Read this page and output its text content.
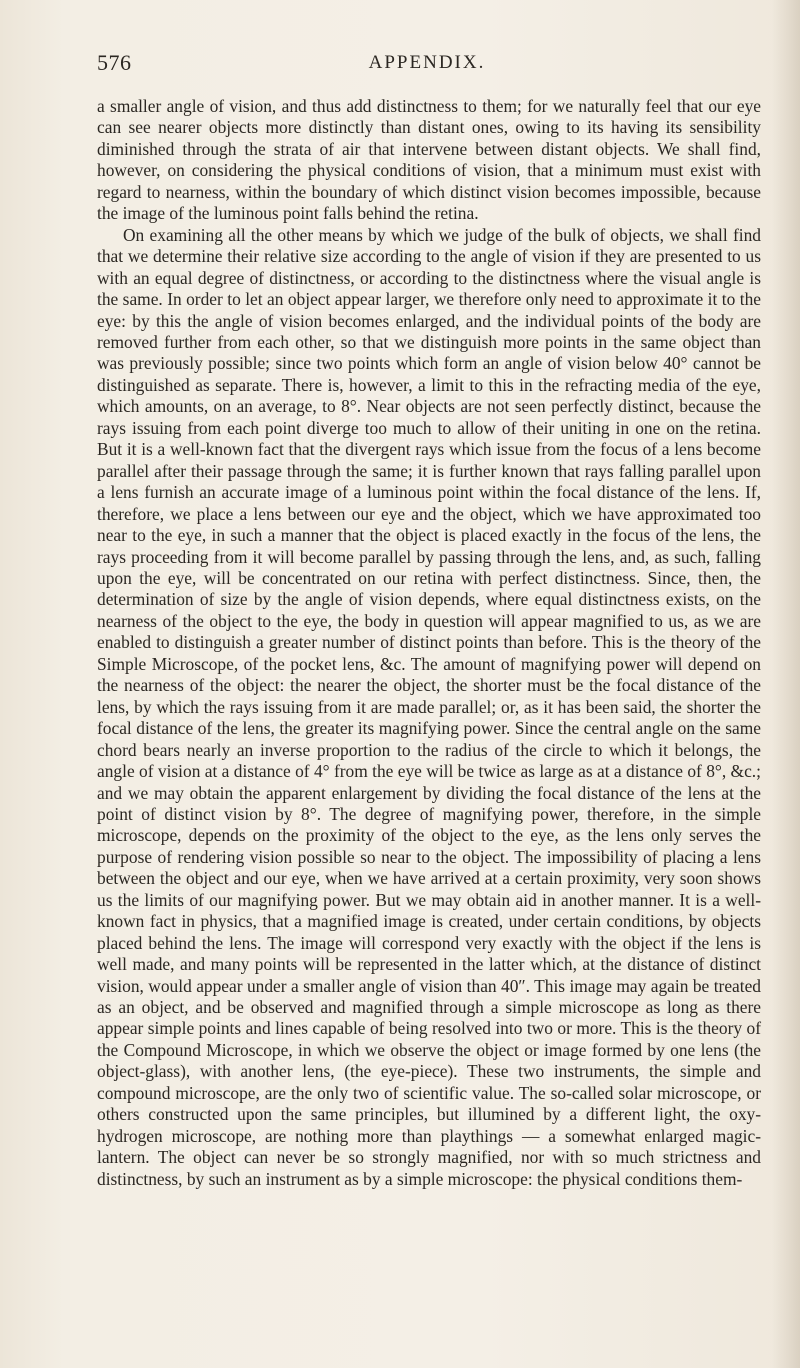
576	APPENDIX.

a smaller angle of vision, and thus add distinctness to them; for we naturally feel that our eye can see nearer objects more distinctly than distant ones, owing to its having its sensibility diminished through the strata of air that intervene between distant objects. We shall find, however, on considering the physical conditions of vision, that a minimum must exist with regard to nearness, within the boundary of which distinct vision becomes impossible, because the image of the luminous point falls behind the retina.

On examining all the other means by which we judge of the bulk of objects, we shall find that we determine their relative size according to the angle of vision if they are presented to us with an equal degree of distinctness, or according to the distinctness where the visual angle is the same. In order to let an object appear larger, we therefore only need to approximate it to the eye: by this the angle of vision becomes enlarged, and the individual points of the body are removed further from each other, so that we distinguish more points in the same object than was previously possible; since two points which form an angle of vision below 40° cannot be distinguished as separate. There is, however, a limit to this in the refracting media of the eye, which amounts, on an average, to 8°. Near objects are not seen perfectly distinct, because the rays issuing from each point diverge too much to allow of their uniting in one on the retina. But it is a well-known fact that the divergent rays which issue from the focus of a lens become parallel after their passage through the same; it is further known that rays falling parallel upon a lens furnish an accurate image of a luminous point within the focal distance of the lens. If, therefore, we place a lens between our eye and the object, which we have approximated too near to the eye, in such a manner that the object is placed exactly in the focus of the lens, the rays proceeding from it will become parallel by passing through the lens, and, as such, falling upon the eye, will be concentrated on our retina with perfect distinctness. Since, then, the determination of size by the angle of vision depends, where equal distinctness exists, on the nearness of the object to the eye, the body in question will appear magnified to us, as we are enabled to distinguish a greater number of distinct points than before. This is the theory of the Simple Microscope, of the pocket lens, &c. The amount of magnifying power will depend on the nearness of the object: the nearer the object, the shorter must be the focal distance of the lens, by which the rays issuing from it are made parallel; or, as it has been said, the shorter the focal distance of the lens, the greater its magnifying power. Since the central angle on the same chord bears nearly an inverse proportion to the radius of the circle to which it belongs, the angle of vision at a distance of 4° from the eye will be twice as large as at a distance of 8°, &c.; and we may obtain the apparent enlargement by dividing the focal distance of the lens at the point of distinct vision by 8°. The degree of magnifying power, therefore, in the simple microscope, depends on the proximity of the object to the eye, as the lens only serves the purpose of rendering vision possible so near to the object. The impossibility of placing a lens between the object and our eye, when we have arrived at a certain proximity, very soon shows us the limits of our magnifying power. But we may obtain aid in another manner. It is a well-known fact in physics, that a magnified image is created, under certain conditions, by objects placed behind the lens. The image will correspond very exactly with the object if the lens is well made, and many points will be represented in the latter which, at the distance of distinct vision, would appear under a smaller angle of vision than 40″. This image may again be treated as an object, and be observed and magnified through a simple microscope as long as there appear simple points and lines capable of being resolved into two or more. This is the theory of the Compound Microscope, in which we observe the object or image formed by one lens (the object-glass), with another lens, (the eye-piece). These two instruments, the simple and compound microscope, are the only two of scientific value. The so-called solar microscope, or others constructed upon the same principles, but illumined by a different light, the oxy-hydrogen microscope, are nothing more than playthings — a somewhat enlarged magic-lantern. The object can never be so strongly magnified, nor with so much strictness and distinctness, by such an instrument as by a simple microscope: the physical conditions them-
